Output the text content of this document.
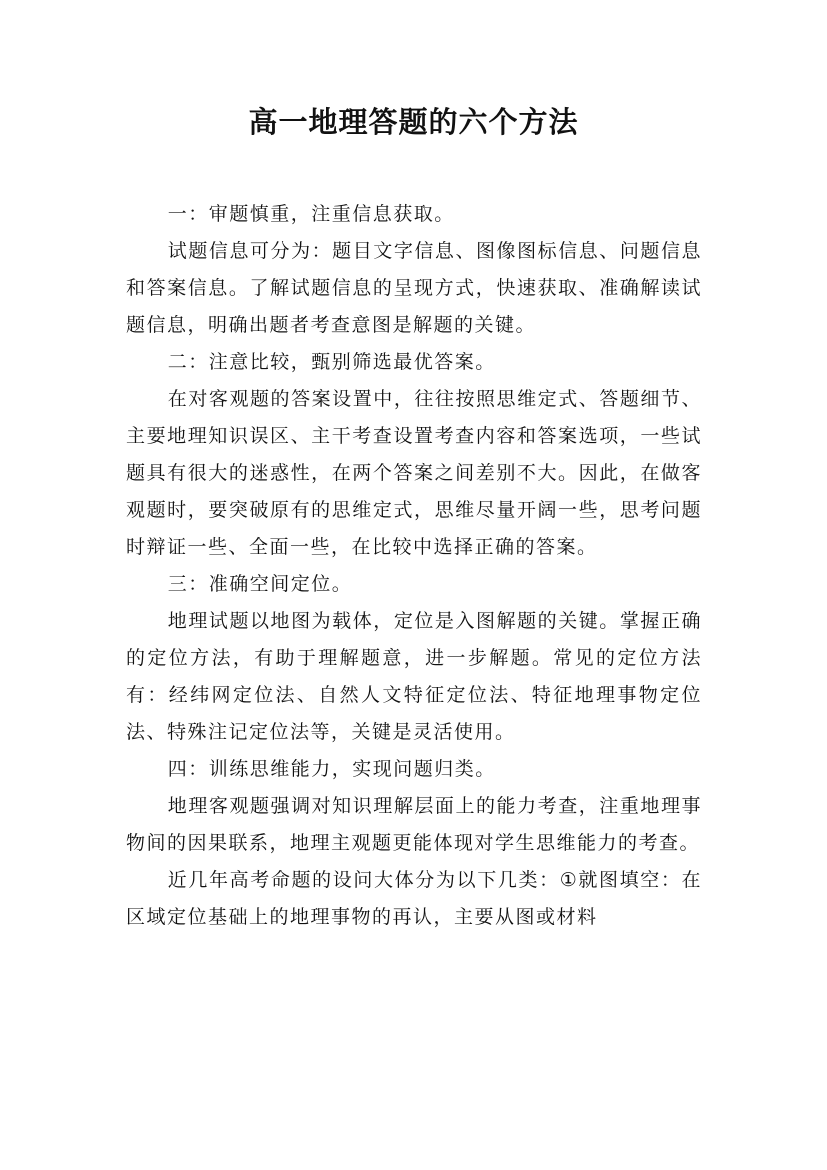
高一地理答题的六个方法

一：审题慎重，注重信息获取。

试题信息可分为：题目文字信息、图像图标信息、问题信息和答案信息。了解试题信息的呈现方式，快速获取、准确解读试题信息，明确出题者考查意图是解题的关键。

二：注意比较，甄别筛选最优答案。

在对客观题的答案设置中，往往按照思维定式、答题细节、主要地理知识误区、主干考查设置考查内容和答案选项，一些试题具有很大的迷惑性，在两个答案之间差别不大。因此，在做客观题时，要突破原有的思维定式，思维尽量开阔一些，思考问题时辩证一些、全面一些，在比较中选择正确的答案。

三：准确空间定位。

地理试题以地图为载体，定位是入图解题的关键。掌握正确的定位方法，有助于理解题意，进一步解题。常见的定位方法有：经纬网定位法、自然人文特征定位法、特征地理事物定位法、特殊注记定位法等，关键是灵活使用。

四：训练思维能力，实现问题归类。

地理客观题强调对知识理解层面上的能力考查，注重地理事物间的因果联系，地理主观题更能体现对学生思维能力的考查。

近几年高考命题的设问大体分为以下几类：①就图填空：在区域定位基础上的地理事物的再认，主要从图或材料
